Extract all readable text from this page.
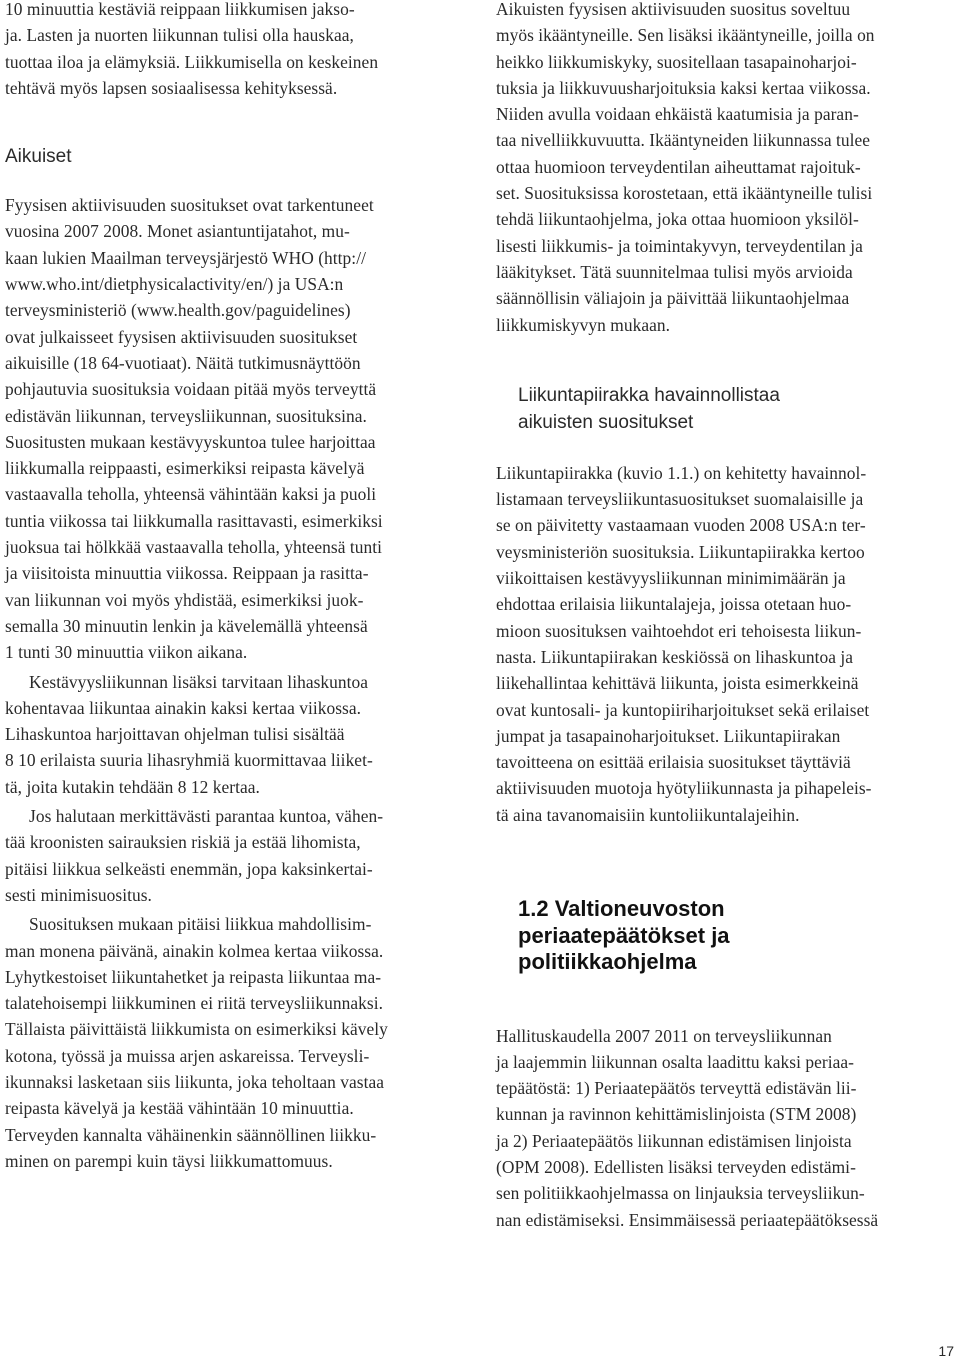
10 minuuttia kestäviä reippaan liikkumisen jakso-
ja. Lasten ja nuorten liikunnan tulisi olla hauskaa,
tuottaa iloa ja elämyksiä. Liikkumisella on keskeinen
tehtävä myös lapsen sosiaalisessa kehityksessä.

Aikuiset

Fyysisen aktiivisuuden suositukset ovat tarkentuneet
vuosina 2007 2008. Monet asiantuntijatahot, mu-
kaan lukien Maailman terveysjärjestö WHO (http://
www.who.int/dietphysicalactivity/en/) ja USA:n
terveysministeriö (www.health.gov/paguidelines)
ovat julkaisseet fyysisen aktiivisuuden suositukset
aikuisille (18 64-vuotiaat). Näitä tutkimusnäyttöön
pohjautuvia suosituksia voidaan pitää myös terveyttä
edistävän liikunnan, terveysliikunnan, suosituksina.
Suositusten mukaan kestävyyskuntoa tulee harjoittaa
liikkumalla reippaasti, esimerkiksi reipasta kävelyä
vastaavalla teholla, yhteensä vähintään kaksi ja puoli
tuntia viikossa tai liikkumalla rasittavasti, esimerkiksi
juoksua tai hölkkää vastaavalla teholla, yhteensä tunti
ja viisitoista minuuttia viikossa. Reippaan ja rasitta-
van liikunnan voi myös yhdistää, esimerkiksi juok-
semalla 30 minuutin lenkin ja kävelemällä yhteensä
1 tunti 30 minuuttia viikon aikana.

Kestävyysliikunnan lisäksi tarvitaan lihaskuntoa
kohentavaa liikuntaa ainakin kaksi kertaa viikossa.
Lihaskuntoa harjoittavan ohjelman tulisi sisältää
8 10 erilaista suuria lihasryhmiä kuormittavaa liiket-
tä, joita kutakin tehdään 8 12 kertaa.

Jos halutaan merkittävästi parantaa kuntoa, vähen-
tää kroonisten sairauksien riskiä ja estää lihomista,
pitäisi liikkua selkeästi enemmän, jopa kaksinkertai-
sesti minimisuositus.

Suosituksen mukaan pitäisi liikkua mahdollisim-
man monena päivänä, ainakin kolmea kertaa viikossa.
Lyhytkestoiset liikuntahetket ja reipasta liikuntaa ma-
talatehoisempi liikkuminen ei riitä terveysliikunnaksi.
Tällaista päivittäistä liikkumista on esimerkiksi kävely
kotona, työssä ja muissa arjen askareissa. Terveysli-
ikunnaksi lasketaan siis liikunta, joka teholtaan vastaa
reipasta kävelyä ja kestää vähintään 10 minuuttia.
Terveyden kannalta vähäinenkin säännöllinen liikku-
minen on parempi kuin täysi liikkumattomuus.

Aikuisten fyysisen aktiivisuuden suositus soveltuu
myös ikääntyneille. Sen lisäksi ikääntyneille, joilla on
heikko liikkumiskyky, suositellaan tasapainoharjoi-
tuksia ja liikkuvuusharjoituksia kaksi kertaa viikossa.
Niiden avulla voidaan ehkäistä kaatumisia ja paran-
taa nivelliikkuvuutta. Ikääntyneiden liikunnassa tulee
ottaa huomioon terveydentilan aiheuttamat rajoituk-
set. Suosituksissa korostetaan, että ikääntyneille tulisi
tehdä liikuntaohjelma, joka ottaa huomioon yksilöl-
lisesti liikkumis- ja toimintakyvyn, terveydentilan ja
lääkitykset. Tätä suunnitelmaa tulisi myös arvioida
säännöllisin väliajoin ja päivittää liikuntaohjelmaa
liikkumiskyvyn mukaan.

Liikuntapiirakka havainnollistaa
aikuisten suositukset

Liikuntapiirakka (kuvio 1.1.) on kehitetty havainnol-
listamaan terveysliikuntasuositukset suomalaisille ja
se on päivitetty vastaamaan vuoden 2008 USA:n ter-
veysministeriön suosituksia. Liikuntapiirakka kertoo
viikoittaisen kestävyysliikunnan minimimäärän ja
ehdottaa erilaisia liikuntalajeja, joissa otetaan huo-
mioon suosituksen vaihtoehdot eri tehoisesta liikun-
nasta. Liikuntapiirakan keskiössä on lihaskuntoa ja
liikehallintaa kehittävä liikunta, joista esimerkkeinä
ovat kuntosali- ja kuntopiiriharjoitukset sekä erilaiset
jumpat ja tasapainoharjoitukset. Liikuntapiirakan
tavoitteena on esittää erilaisia suositukset täyttäviä
aktiivisuuden muotoja hyötyliikunnasta ja pihapeleis-
tä aina tavanomaisiin kuntoliikuntalajeihin.

1.2 Valtioneuvoston
periaatepäätökset ja
politiikkaohjelma

Hallituskaudella 2007 2011 on terveysliikunnan
ja laajemmin liikunnan osalta laadittu kaksi periaa-
tepäätöstä: 1) Periaatepäätös terveyttä edistävän lii-
kunnan ja ravinnon kehittämislinjoista (STM 2008)
ja 2) Periaatepäätös liikunnan edistämisen linjoista
(OPM 2008). Edellisten lisäksi terveyden edistämi-
sen politiikkaohjelmassa on linjauksia terveysliikun-
nan edistämiseksi. Ensimmäisessä periaatepäätöksessä

17
